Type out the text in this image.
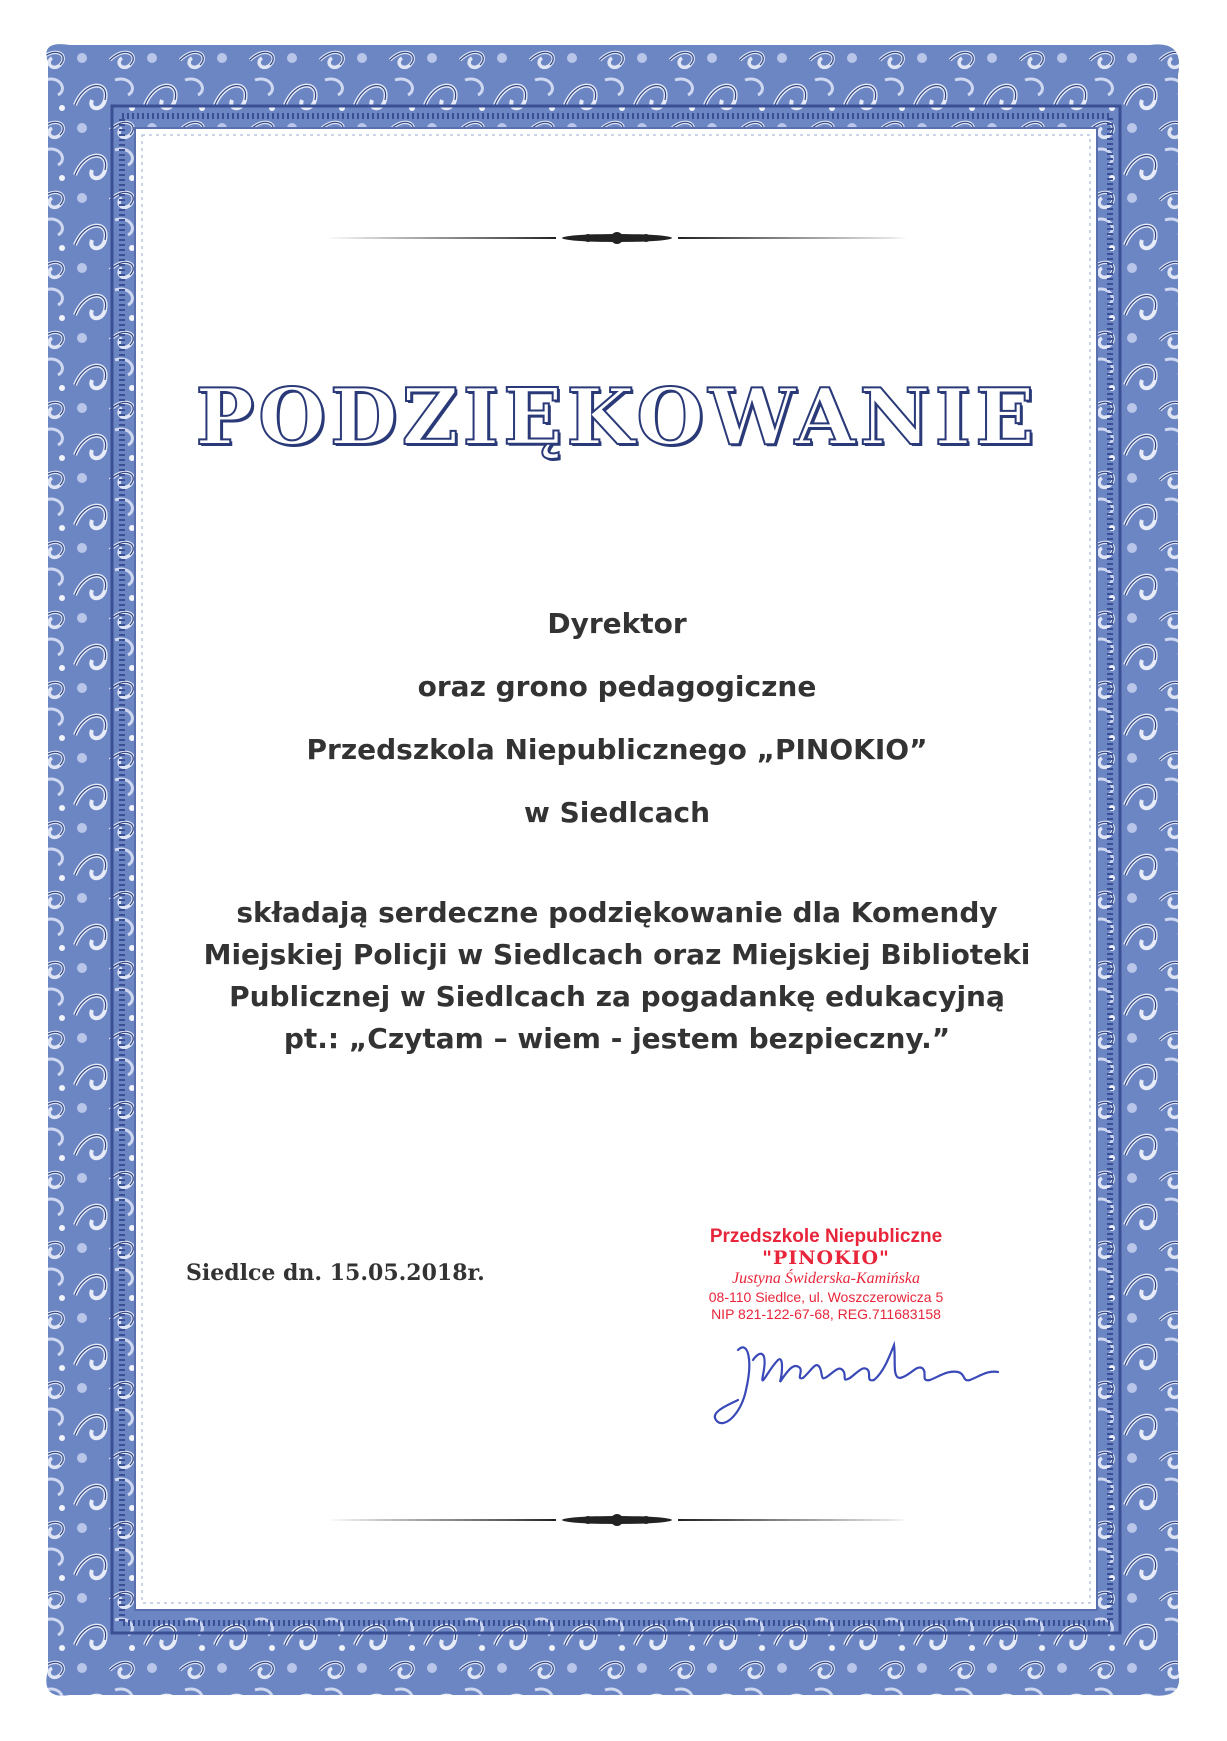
PODZIĘKOWANIE
Dyrektor
oraz grono pedagogiczne
Przedszkola Niepublicznego „PINOKIO”
w Siedlcach
składają serdeczne podziękowanie dla Komendy
Miejskiej Policji w Siedlcach oraz Miejskiej Biblioteki
Publicznej w Siedlcach za pogadankę edukacyjną
pt.: „Czytam – wiem - jestem bezpieczny.”
Siedlce dn. 15.05.2018r.
Przedszkole Niepubliczne
"PINOKIO"
Justyna Świderska-Kamińska
08-110 Siedlce, ul. Woszczerowicza 5
NIP 821-122-67-68, REG.711683158
